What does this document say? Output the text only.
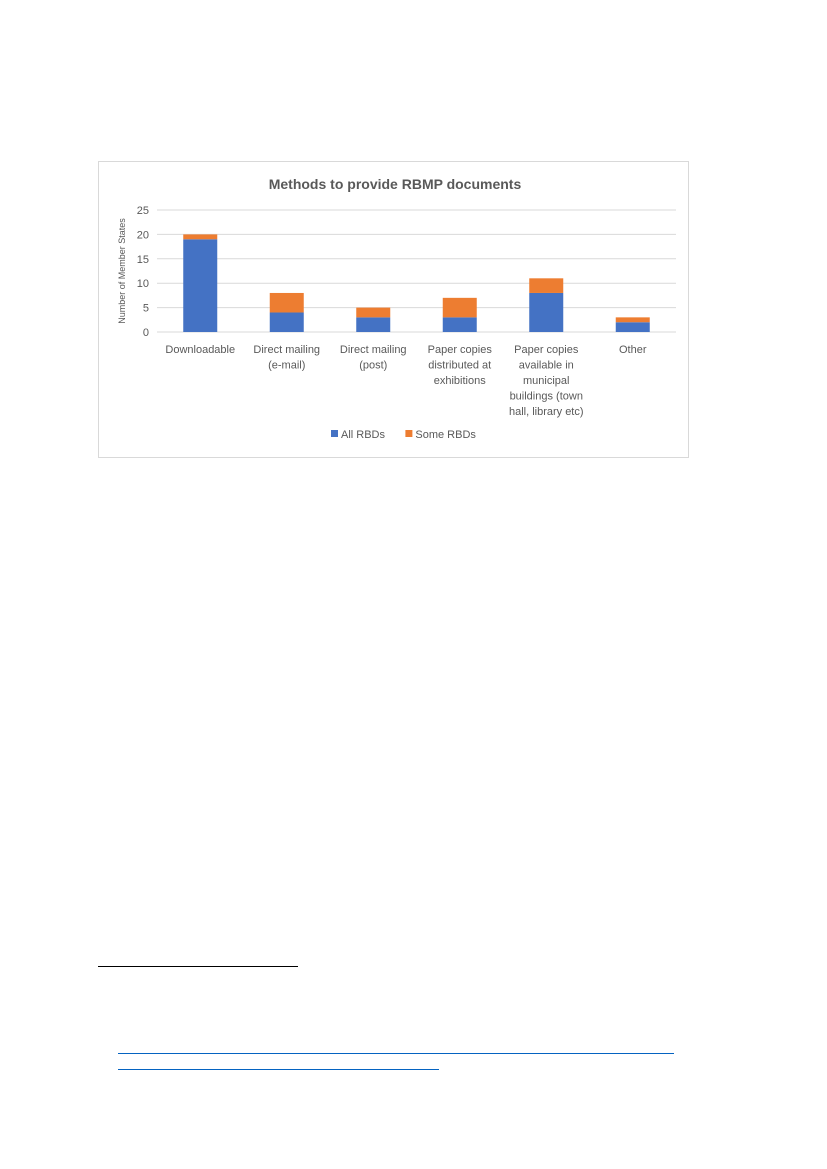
Methods to provide RBMP documents
0
5
10
15
20
25
Number of Member States
Downloadable Direct mailing
(e-mail)
Direct mailing
(post)
Paper copies
distributed at
exhibitions
Paper copies
available in
municipal
buildings (town
hall, library etc)
Other
All RBDs	Some RBDs
